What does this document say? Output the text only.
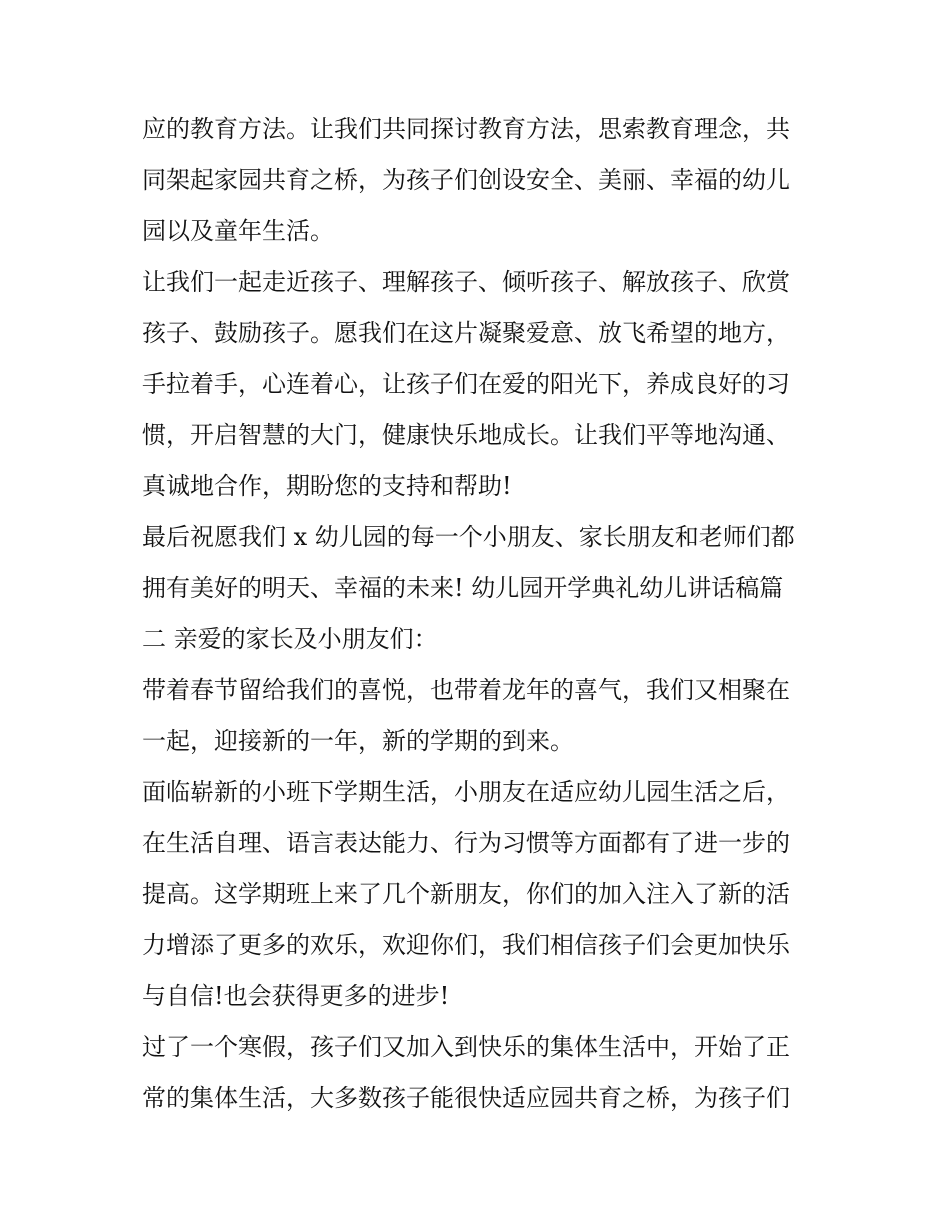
应的教育方法。让我们共同探讨教育方法，思索教育理念，共
同架起家园共育之桥，为孩子们创设安全、美丽、幸福的幼儿
园以及童年生活。
让我们一起走近孩子、理解孩子、倾听孩子、解放孩子、欣赏
孩子、鼓励孩子。愿我们在这片凝聚爱意、放飞希望的地方，
手拉着手，心连着心，让孩子们在爱的阳光下，养成良好的习
惯，开启智慧的大门，健康快乐地成长。让我们平等地沟通、
真诚地合作，期盼您的支持和帮助!
最后祝愿我们 x 幼儿园的每一个小朋友、家长朋友和老师们都
拥有美好的明天、幸福的未来! 幼儿园开学典礼幼儿讲话稿篇
二 亲爱的家长及小朋友们：
带着春节留给我们的喜悦，也带着龙年的喜气，我们又相聚在
一起，迎接新的一年，新的学期的到来。
面临崭新的小班下学期生活，小朋友在适应幼儿园生活之后，
在生活自理、语言表达能力、行为习惯等方面都有了进一步的
提高。这学期班上来了几个新朋友，你们的加入注入了新的活
力增添了更多的欢乐，欢迎你们，我们相信孩子们会更加快乐
与自信!也会获得更多的进步!
过了一个寒假，孩子们又加入到快乐的集体生活中，开始了正
常的集体生活，大多数孩子能很快适应园共育之桥，为孩子们
